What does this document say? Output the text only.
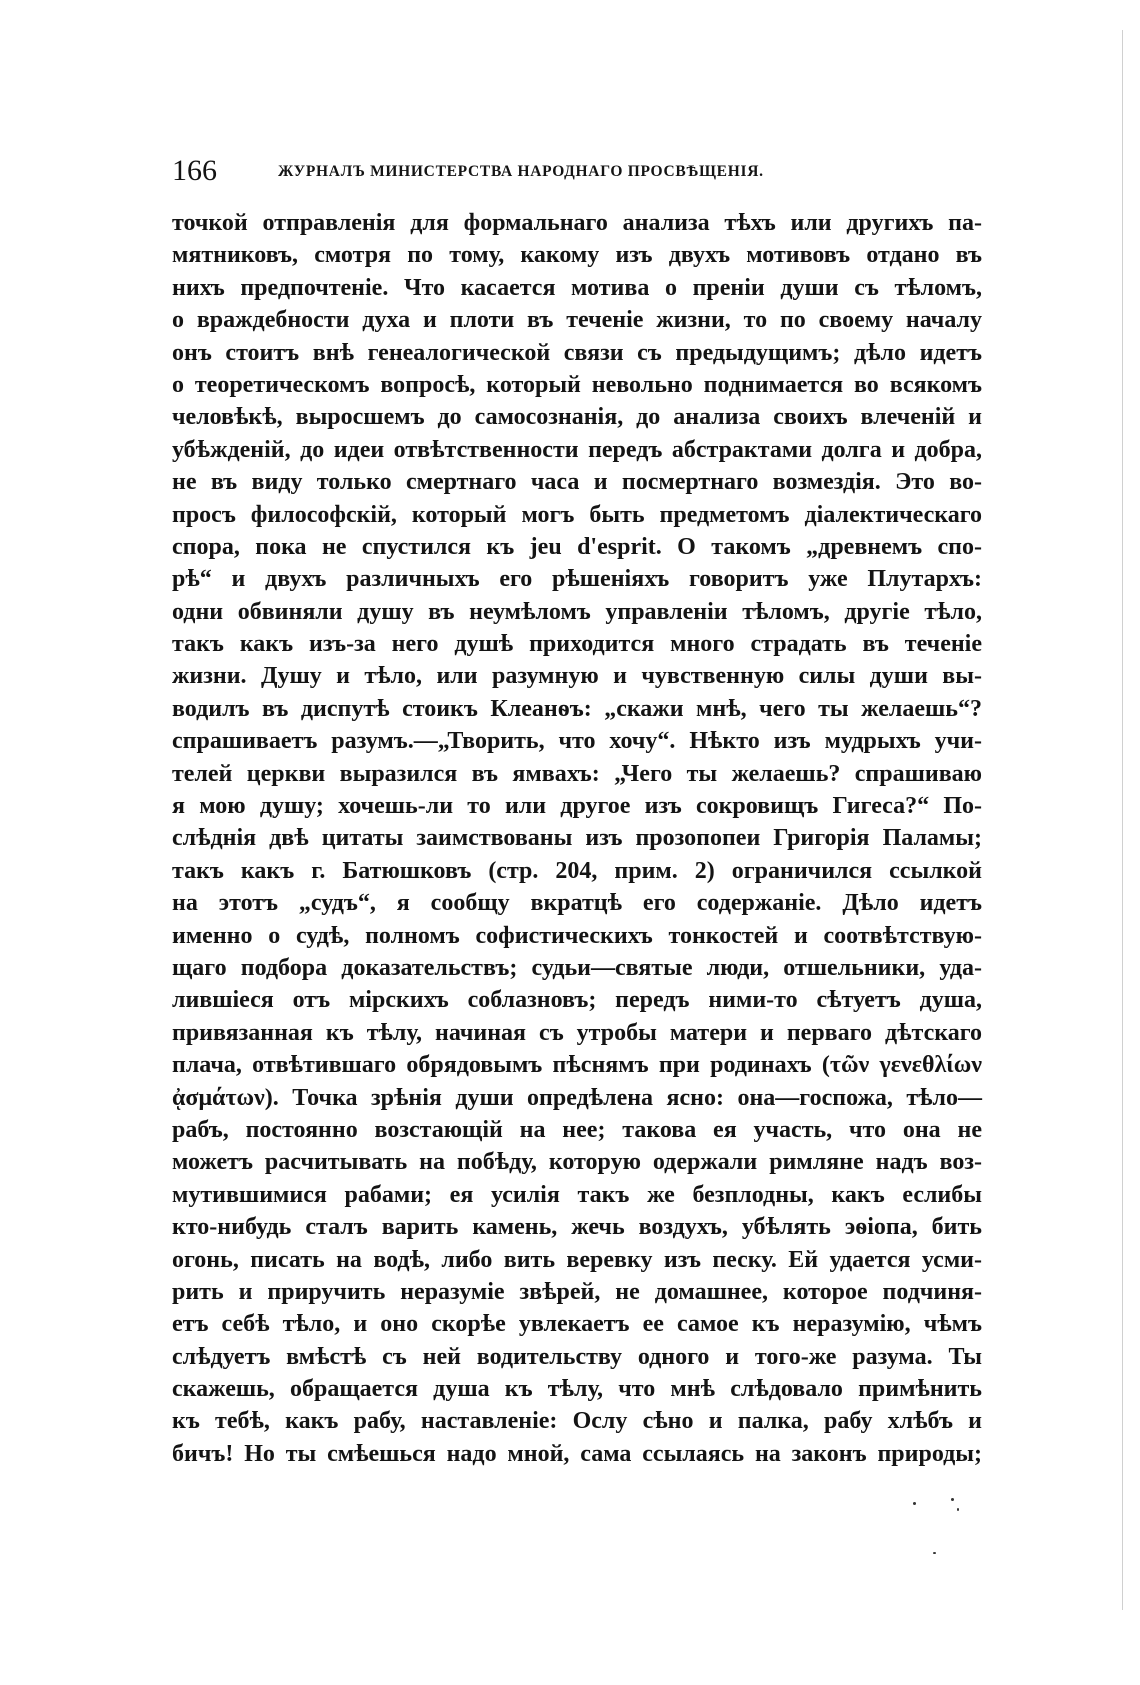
166	ЖУРНАЛЪ МИНИСТЕРСТВА НАРОДНАГО ПРОСВѢЩЕНІЯ.
точкой отправленія для формальнаго анализа тѣхъ или другихъ па-
мятниковъ, смотря по тому, какому изъ двухъ мотивовъ отдано въ
нихъ предпочтеніе. Что касается мотива о преніи души съ тѣломъ,
о враждебности духа и плоти въ теченіе жизни, то по своему началу
онъ стоитъ внѣ генеалогической связи съ предыдущимъ; дѣло идетъ
о теоретическомъ вопросѣ, который невольно поднимается во всякомъ
человѣкѣ, выросшемъ до самосознанія, до анализа своихъ влеченій и
убѣжденій, до идеи отвѣтственности передъ абстрактами долга и добра,
не въ виду только смертнаго часа и посмертнаго возмездія. Это во-
просъ философскій, который могъ быть предметомъ діалектическаго
спора, пока не спустился къ jeu d'esprit. О такомъ „древнемъ спо-
рѣ“ и двухъ различныхъ его рѣшеніяхъ говоритъ уже Плутархъ:
одни обвиняли душу въ неумѣломъ управленіи тѣломъ, другіе тѣло,
такъ какъ изъ-за него душѣ приходится много страдать въ теченіе
жизни. Душу и тѣло, или разумную и чувственную силы души вы-
водилъ въ диспутѣ стоикъ Клеанѳъ: „скажи мнѣ, чего ты желаешь“?
спрашиваетъ разумъ.—„Творить, что хочу“. Нѣкто изъ мудрыхъ учи-
телей церкви выразился въ ямвахъ: „Чего ты желаешь? спрашиваю
я мою душу; хочешь-ли то или другое изъ сокровищъ Гигеса?“ По-
слѣднія двѣ цитаты заимствованы изъ прозопопеи Григорія Паламы;
такъ какъ г. Батюшковъ (стр. 204, прим. 2) ограничился ссылкой
на этотъ „судъ“, я сообщу вкратцѣ его содержаніе. Дѣло идетъ
именно о судѣ, полномъ софистическихъ тонкостей и соотвѣтствую-
щаго подбора доказательствъ; судьи—святые люди, отшельники, уда-
лившіеся отъ мірскихъ соблазновъ; передъ ними-то сѣтуетъ душа,
привязанная къ тѣлу, начиная съ утробы матери и перваго дѣтскаго
плача, отвѣтившаго обрядовымъ пѣснямъ при родинахъ (τῶν γενεθλίων
ᾀσμάτων). Точка зрѣнія души опредѣлена ясно: она—госпожа, тѣло—
рабъ, постоянно возстающій на нее; такова ея участь, что она не
можетъ расчитывать на побѣду, которую одержали римляне надъ воз-
мутившимися рабами; ея усилія такъ же безплодны, какъ еслибы
кто-нибудь сталъ варить камень, жечь воздухъ, убѣлять эѳіопа, бить
огонь, писать на водѣ, либо вить веревку изъ песку. Ей удается усми-
рить и приручить неразуміе звѣрей, не домашнее, которое подчиня-
етъ себѣ тѣло, и оно скорѣе увлекаетъ ее самое къ неразумію, чѣмъ
слѣдуетъ вмѣстѣ съ ней водительству одного и того-же разума. Ты
скажешь, обращается душа къ тѣлу, что мнѣ слѣдовало примѣнить
къ тебѣ, какъ рабу, наставленіе: Ослу сѣно и палка, рабу хлѣбъ и
бичъ! Но ты смѣешься надо мной, сама ссылаясь на законъ природы;
